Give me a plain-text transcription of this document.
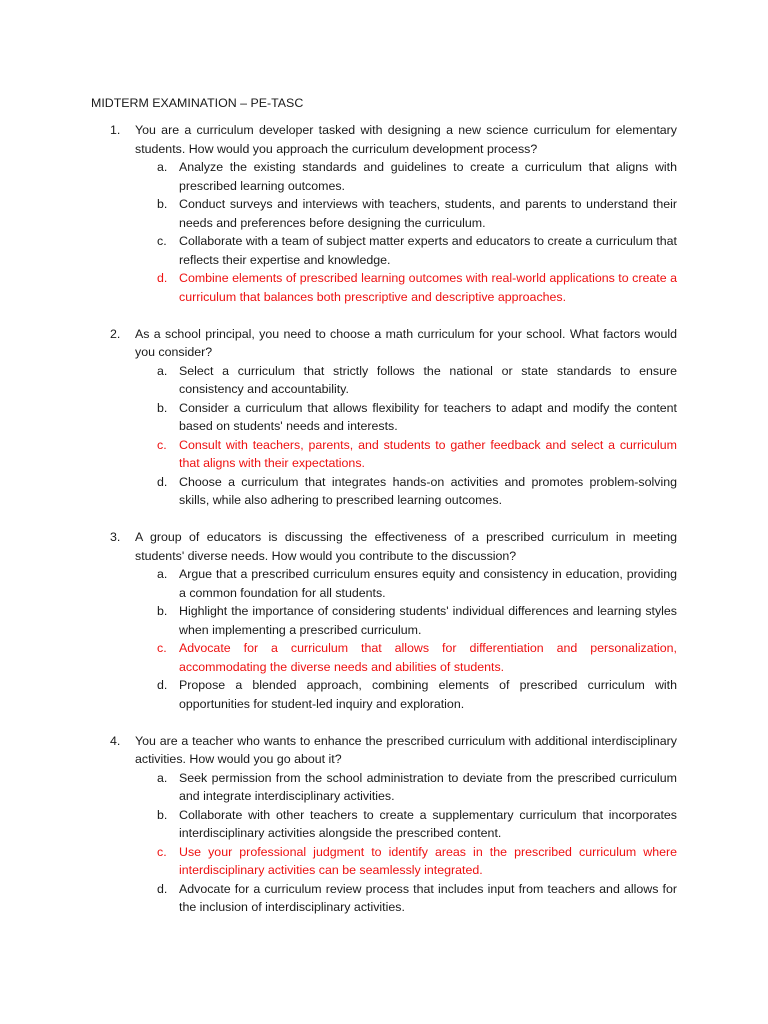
MIDTERM EXAMINATION – PE-TASC
1. You are a curriculum developer tasked with designing a new science curriculum for elementary students. How would you approach the curriculum development process?
a. Analyze the existing standards and guidelines to create a curriculum that aligns with prescribed learning outcomes.
b. Conduct surveys and interviews with teachers, students, and parents to understand their needs and preferences before designing the curriculum.
c. Collaborate with a team of subject matter experts and educators to create a curriculum that reflects their expertise and knowledge.
d. Combine elements of prescribed learning outcomes with real-world applications to create a curriculum that balances both prescriptive and descriptive approaches.
2. As a school principal, you need to choose a math curriculum for your school. What factors would you consider?
a. Select a curriculum that strictly follows the national or state standards to ensure consistency and accountability.
b. Consider a curriculum that allows flexibility for teachers to adapt and modify the content based on students' needs and interests.
c. Consult with teachers, parents, and students to gather feedback and select a curriculum that aligns with their expectations.
d. Choose a curriculum that integrates hands-on activities and promotes problem-solving skills, while also adhering to prescribed learning outcomes.
3. A group of educators is discussing the effectiveness of a prescribed curriculum in meeting students' diverse needs. How would you contribute to the discussion?
a. Argue that a prescribed curriculum ensures equity and consistency in education, providing a common foundation for all students.
b. Highlight the importance of considering students' individual differences and learning styles when implementing a prescribed curriculum.
c. Advocate for a curriculum that allows for differentiation and personalization, accommodating the diverse needs and abilities of students.
d. Propose a blended approach, combining elements of prescribed curriculum with opportunities for student-led inquiry and exploration.
4. You are a teacher who wants to enhance the prescribed curriculum with additional interdisciplinary activities. How would you go about it?
a. Seek permission from the school administration to deviate from the prescribed curriculum and integrate interdisciplinary activities.
b. Collaborate with other teachers to create a supplementary curriculum that incorporates interdisciplinary activities alongside the prescribed content.
c. Use your professional judgment to identify areas in the prescribed curriculum where interdisciplinary activities can be seamlessly integrated.
d. Advocate for a curriculum review process that includes input from teachers and allows for the inclusion of interdisciplinary activities.
